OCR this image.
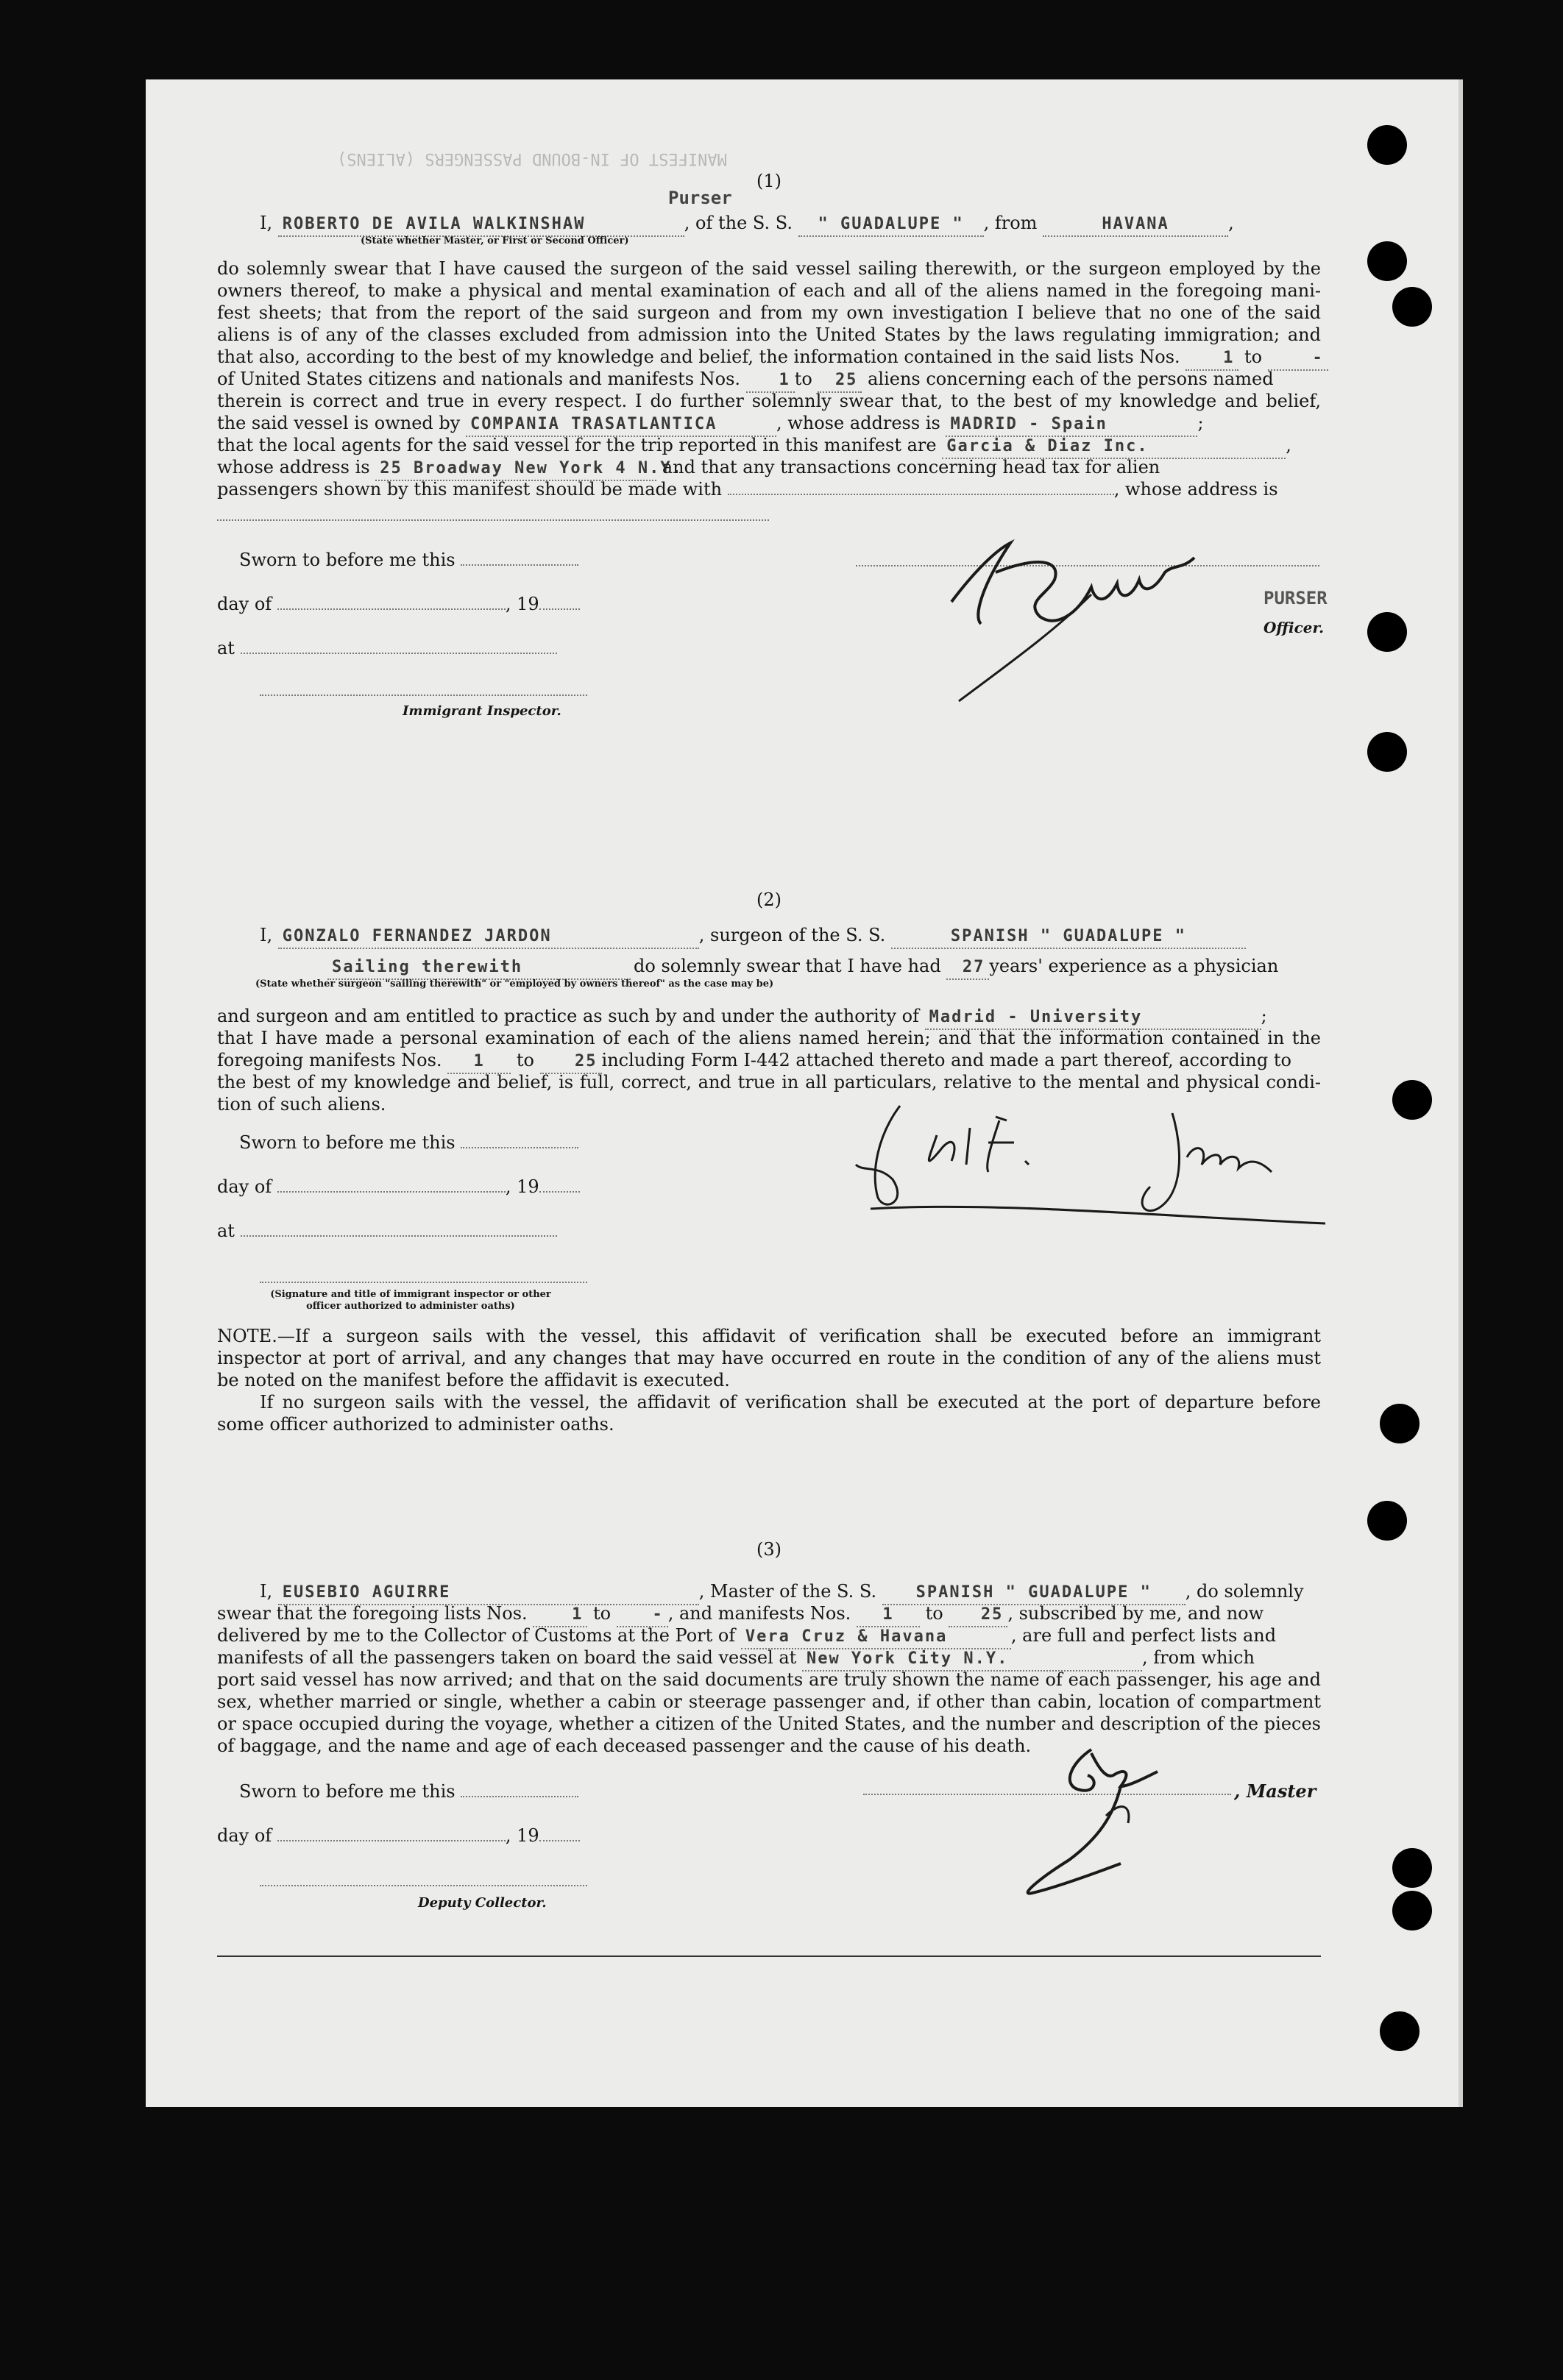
MANIFEST OF IN-BOUND PASSENGERS (ALIENS)
(1)
Purser
I, ROBERTO DE AVILA WALKINSHAW	, of the S. S. " GUADALUPE " , from	HAVANA	,
(State whether Master, or First or Second Officer)
do solemnly swear that I have caused the surgeon of the said vessel sailing therewith, or the surgeon employed by the
owners thereof, to make a physical and mental examination of each and all of the aliens named in the foregoing mani-
fest sheets; that from the report of the said surgeon and from my own investigation I believe that no one of the said
aliens is of any of the classes excluded from admission into the United States by the laws regulating immigration; and
that also, according to the best of my knowledge and belief, the information contained in the said lists Nos.	1 to	-
of United States citizens and nationals and manifests Nos. 1 to 25 aliens concerning each of the persons named
therein is correct and true in every respect. I do further solemnly swear that, to the best of my knowledge and belief,
the said vessel is owned by COMPANIA TRASATLANTICA	, whose address is MADRID - Spain	;
that the local agents for the said vessel for the trip reported in this manifest are Garcia & Diaz Inc.	,
whose address is 25 Broadway New York 4 N.Y. and that any transactions concerning head tax for alien
passengers shown by this manifest should be made with	, whose address is
Sworn to before me this
day of	, 19
at
Immigrant Inspector.
PURSER
Officer.
(2)
I, GONZALO FERNANDEZ JARDON	, surgeon of the S. S.	SPANISH " GUADALUPE "
Sailing therewith	do solemnly swear that I have had 27 years' experience as a physician
(State whether surgeon "sailing therewith" or "employed by owners thereof" as the case may be)
and surgeon and am entitled to practice as such by and under the authority of Madrid - University	;
that I have made a personal examination of each of the aliens named herein; and that the information contained in the
foregoing manifests Nos. 1 to	25 including Form I-442 attached thereto and made a part thereof, according to
the best of my knowledge and belief, is full, correct, and true in all particulars, relative to the mental and physical condi-
tion of such aliens.
Sworn to before me this
day of	, 19
at
(Signature and title of immigrant inspector or other officer authorized to administer oaths)
NOTE.—If a surgeon sails with the vessel, this affidavit of verification shall be executed before an immigrant
inspector at port of arrival, and any changes that may have occurred en route in the condition of any of the aliens must
be noted on the manifest before the affidavit is executed.
If no surgeon sails with the vessel, the affidavit of verification shall be executed at the port of departure before
some officer authorized to administer oaths.
(3)
I, EUSEBIO AGUIRRE	, Master of the S. S. SPANISH " GUADALUPE " , do solemnly
swear that the foregoing lists Nos.	1 to	- , and manifests Nos. 1 to 25 , subscribed by me, and now
delivered by me to the Collector of Customs at the Port of Vera Cruz & Havana	, are full and perfect lists and
manifests of all the passengers taken on board the said vessel at New York City N.Y.	, from which
port said vessel has now arrived; and that on the said documents are truly shown the name of each passenger, his age and
sex, whether married or single, whether a cabin or steerage passenger and, if other than cabin, location of compartment
or space occupied during the voyage, whether a citizen of the United States, and the number and description of the pieces
of baggage, and the name and age of each deceased passenger and the cause of his death.
Sworn to before me this
day of	, 19
Deputy Collector.
, Master
